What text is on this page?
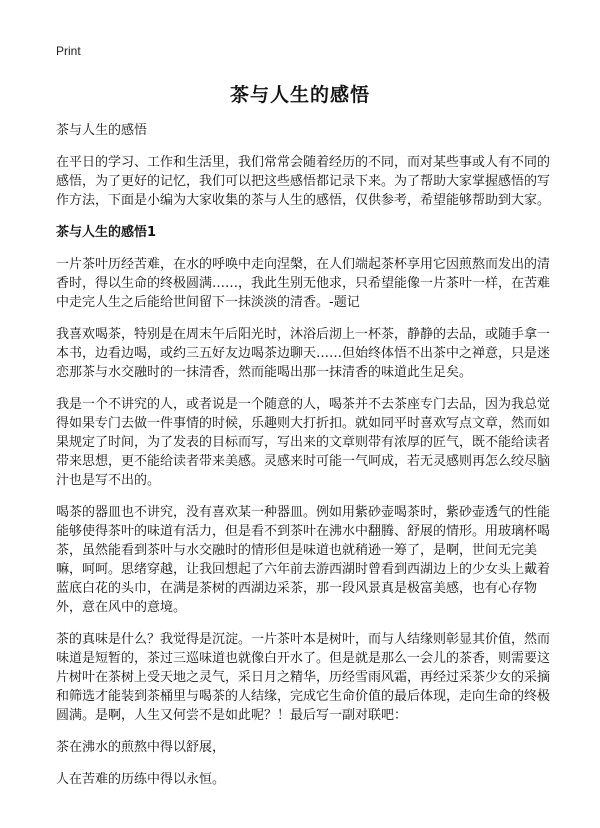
Print
茶与人生的感悟

茶与人生的感悟

在平日的学习、工作和生活里，我们常常会随着经历的不同，而对某些事或人有不同的感悟，为了更好的记忆，我们可以把这些感悟都记录下来。为了帮助大家掌握感悟的写作方法，下面是小编为大家收集的茶与人生的感悟，仅供参考，希望能够帮助到大家。

茶与人生的感悟1

一片茶叶历经苦难，在水的呼唤中走向涅槃，在人们端起茶杯享用它因煎熬而发出的清香时，得以生命的终极圆满……，我此生别无他求，只希望能像一片茶叶一样，在苦难中走完人生之后能给世间留下一抹淡淡的清香。-题记

我喜欢喝茶，特别是在周末午后阳光时，沐浴后沏上一杯茶，静静的去品，或随手拿一本书，边看边喝，或约三五好友边喝茶边聊天……但始终体悟不出茶中之禅意，只是迷恋那茶与水交融时的一抹清香，然而能喝出那一抹清香的味道此生足矣。

我是一个不讲究的人，或者说是一个随意的人，喝茶并不去茶座专门去品，因为我总觉得如果专门去做一件事情的时候，乐趣则大打折扣。就如同平时喜欢写点文章，然而如果规定了时间，为了发表的目标而写，写出来的文章则带有浓厚的匠气，既不能给读者带来思想，更不能给读者带来美感。灵感来时可能一气呵成，若无灵感则再怎么绞尽脑汁也是写不出的。

喝茶的器皿也不讲究，没有喜欢某一种器皿。例如用紫砂壶喝茶时，紫砂壶透气的性能能够使得茶叶的味道有活力，但是看不到茶叶在沸水中翻腾、舒展的情形。用玻璃杯喝茶，虽然能看到茶叶与水交融时的情形但是味道也就稍逊一筹了，是啊，世间无完美嘛，呵呵。思绪穿越，让我回想起了六年前去游西湖时曾看到西湖边上的少女头上戴着蓝底白花的头巾，在满是茶树的西湖边采茶，那一段风景真是极富美感，也有心存物外，意在风中的意境。

茶的真味是什么？我觉得是沉淀。一片茶叶本是树叶，而与人结缘则彰显其价值，然而味道是短暂的，茶过三巡味道也就像白开水了。但是就是那么一会儿的茶香，则需要这片树叶在茶树上受天地之灵气，采日月之精华，历经雪雨风霜，再经过采茶少女的采摘和筛选才能装到茶桶里与喝茶的人结缘，完成它生命价值的最后体现，走向生命的终极圆满。是啊，人生又何尝不是如此呢？！最后写一副对联吧：

茶在沸水的煎熬中得以舒展，

人在苦难的历练中得以永恒。
